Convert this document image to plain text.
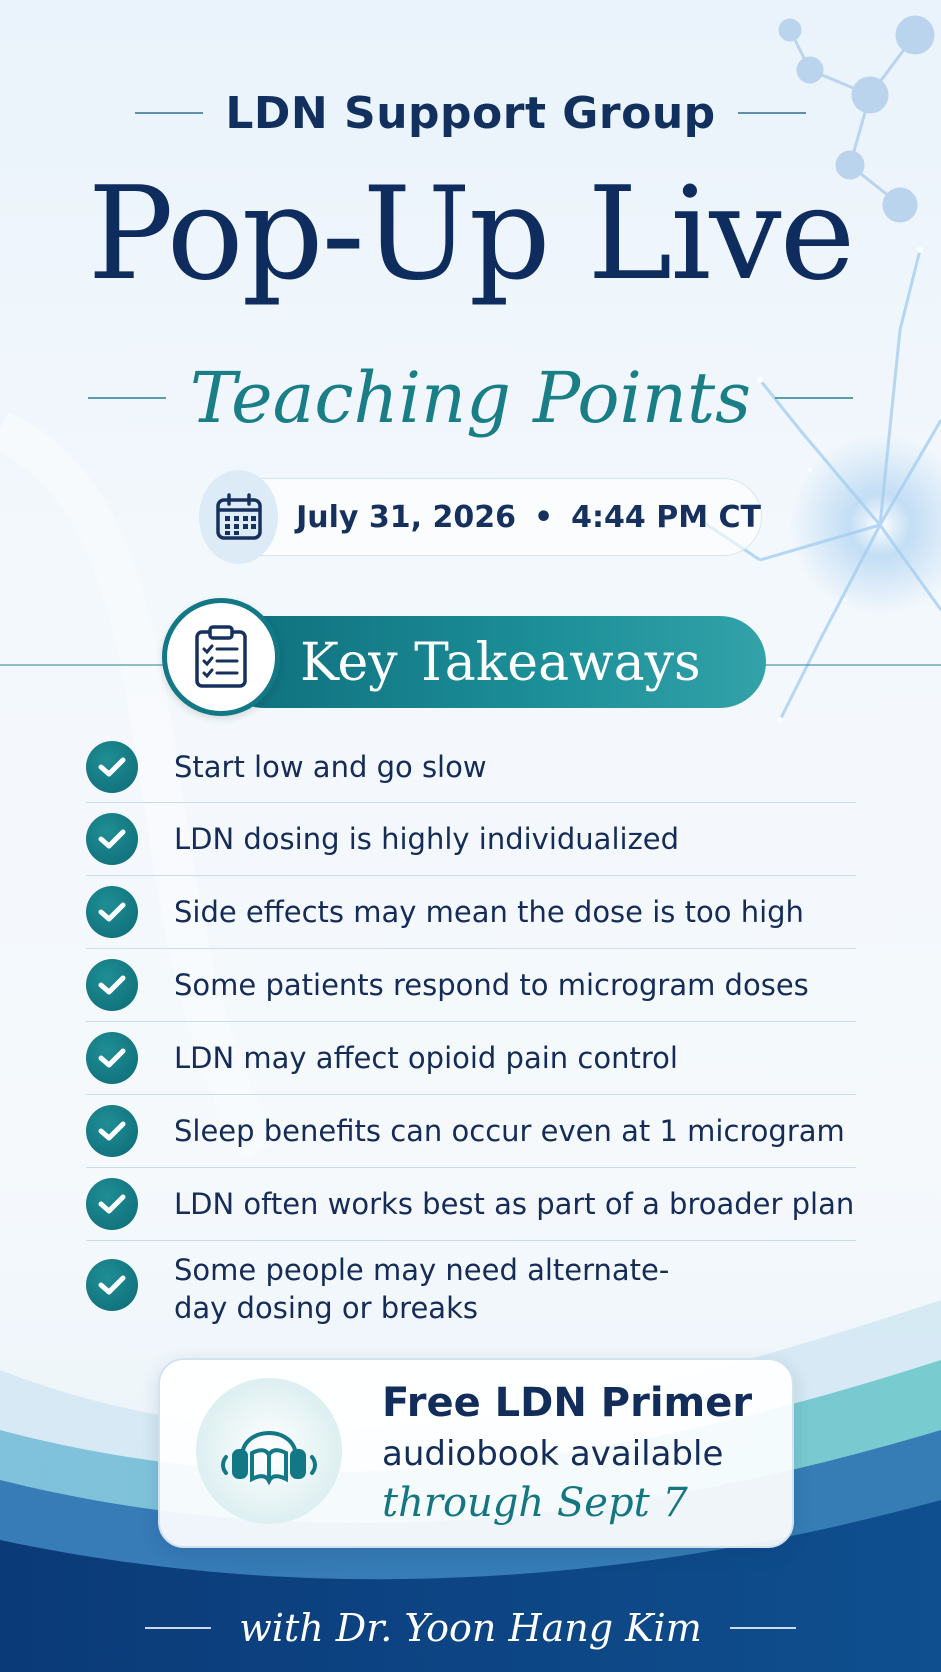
LDN Support Group
Pop-Up Live
Teaching Points
July 31, 2026 • 4:44 PM CT
Key Takeaways
Start low and go slow
LDN dosing is highly individualized
Side effects may mean the dose is too high
Some patients respond to microgram doses
LDN may affect opioid pain control
Sleep benefits can occur even at 1 microgram
LDN often works best as part of a broader plan
Some people may need alternate-day dosing or breaks
Free LDN Primer
audiobook available
through Sept 7
with Dr. Yoon Hang Kim
